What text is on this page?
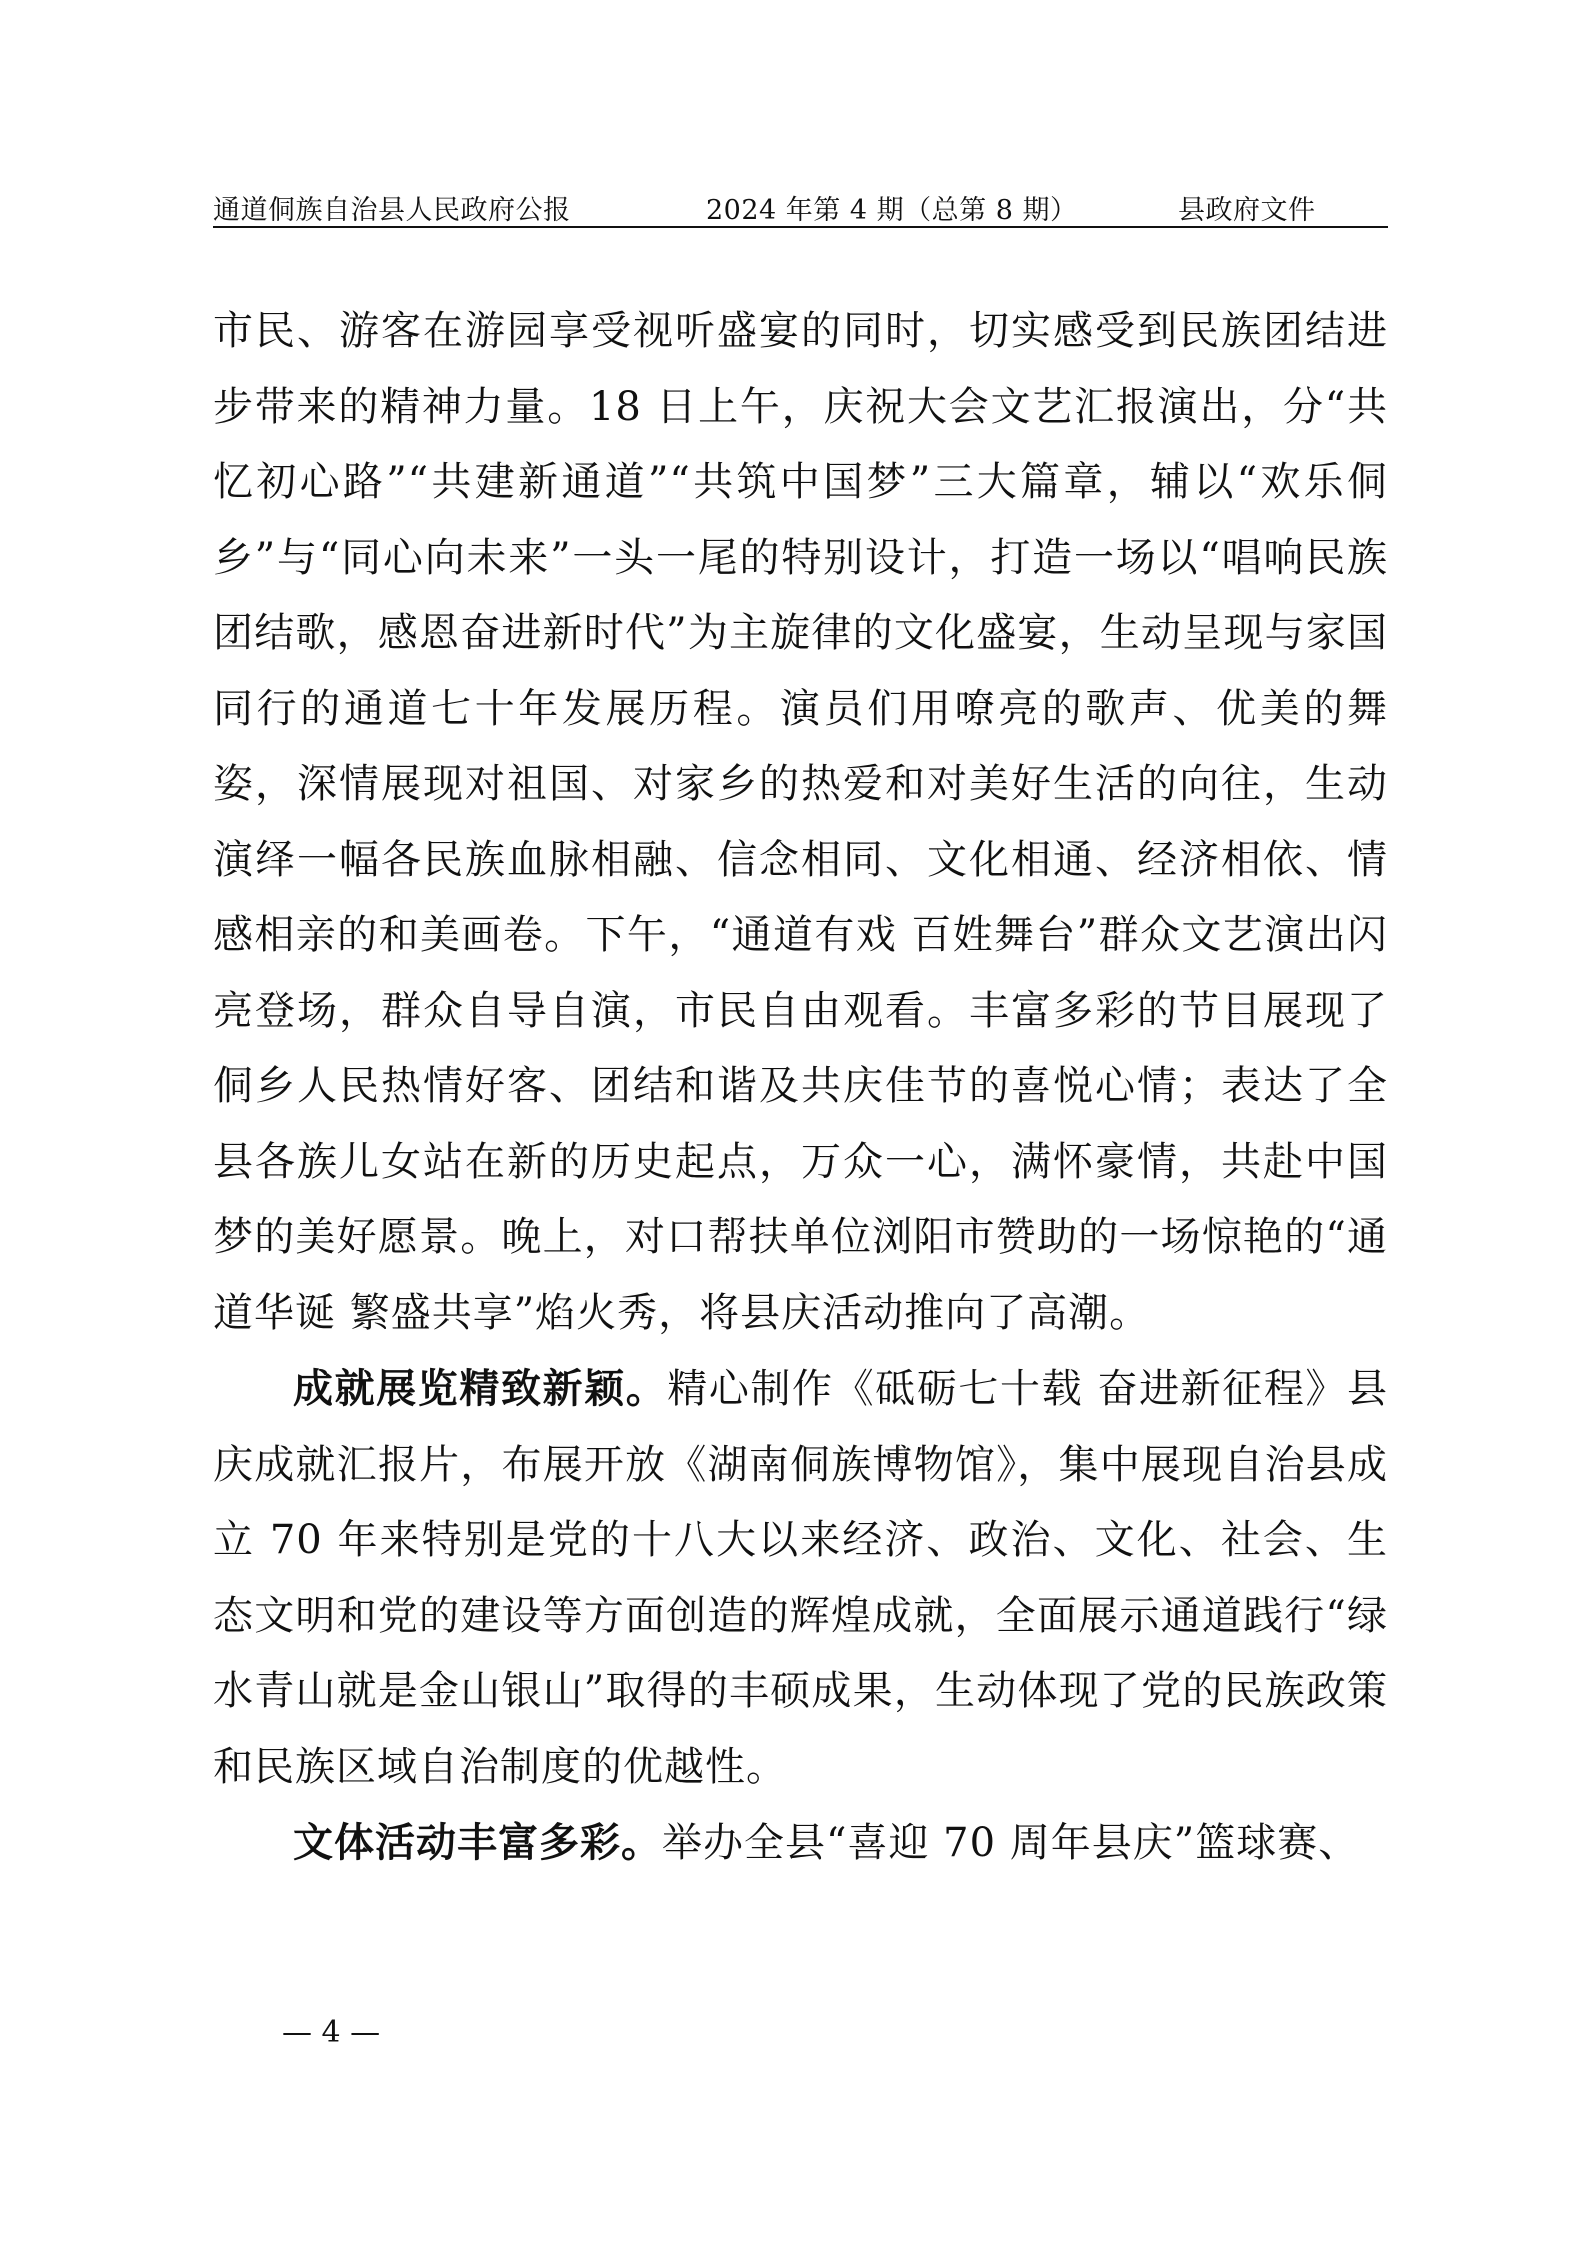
通道侗族自治县人民政府公报	2024 年第 4 期（总第 8 期）	县政府文件

市民、游客在游园享受视听盛宴的同时，切实感受到民族团结进步带来的精神力量。18 日上午，庆祝大会文艺汇报演出，分“共忆初心路”“共建新通道”“共筑中国梦”三大篇章，辅以“欢乐侗乡”与“同心向未来”一头一尾的特别设计，打造一场以“唱响民族团结歌，感恩奋进新时代”为主旋律的文化盛宴，生动呈现与家国同行的通道七十年发展历程。演员们用嘹亮的歌声、优美的舞姿，深情展现对祖国、对家乡的热爱和对美好生活的向往，生动演绎一幅各民族血脉相融、信念相同、文化相通、经济相依、情感相亲的和美画卷。下午，“通道有戏 百姓舞台”群众文艺演出闪亮登场，群众自导自演，市民自由观看。丰富多彩的节目展现了侗乡人民热情好客、团结和谐及共庆佳节的喜悦心情；表达了全县各族儿女站在新的历史起点，万众一心，满怀豪情，共赴中国梦的美好愿景。晚上，对口帮扶单位浏阳市赞助的一场惊艳的“通道华诞 繁盛共享”焰火秀，将县庆活动推向了高潮。

成就展览精致新颖。精心制作《砥砺七十载 奋进新征程》县庆成就汇报片，布展开放《湖南侗族博物馆》，集中展现自治县成立 70 年来特别是党的十八大以来经济、政治、文化、社会、生态文明和党的建设等方面创造的辉煌成就，全面展示通道践行“绿水青山就是金山银山”取得的丰硕成果，生动体现了党的民族政策和民族区域自治制度的优越性。

文体活动丰富多彩。举办全县“喜迎 70 周年县庆”篮球赛、

— 4 —
